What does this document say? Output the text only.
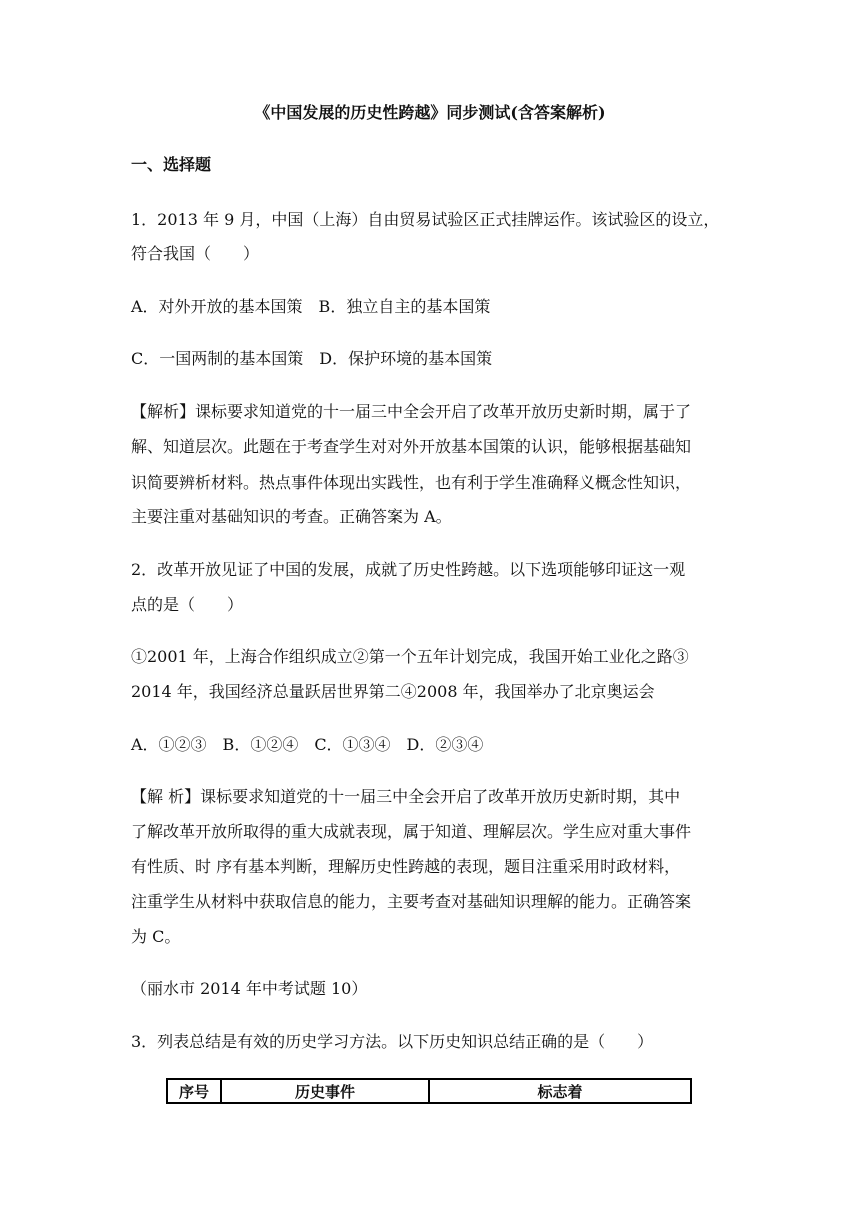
《中国发展的历史性跨越》同步测试(含答案解析)
一、选择题
1．2013 年 9 月，中国（上海）自由贸易试验区正式挂牌运作。该试验区的设立，
符合我国（　　）
A．对外开放的基本国策　B．独立自主的基本国策
C．一国两制的基本国策　D．保护环境的基本国策
【解析】课标要求知道党的十一届三中全会开启了改革开放历史新时期，属于了
解、知道层次。此题在于考查学生对对外开放基本国策的认识，能够根据基础知
识简要辨析材料。热点事件体现出实践性，也有利于学生准确释义概念性知识，
主要注重对基础知识的考查。正确答案为 A。
2．改革开放见证了中国的发展，成就了历史性跨越。以下选项能够印证这一观
点的是（　　）
①2001 年，上海合作组织成立②第一个五年计划完成，我国开始工业化之路③
2014 年，我国经济总量跃居世界第二④2008 年，我国举办了北京奥运会
A．①②③　B．①②④　C．①③④　D．②③④
【解 析】课标要求知道党的十一届三中全会开启了改革开放历史新时期，其中
了解改革开放所取得的重大成就表现，属于知道、理解层次。学生应对重大事件
有性质、时 序有基本判断，理解历史性跨越的表现，题目注重采用时政材料，
注重学生从材料中获取信息的能力，主要考查对基础知识理解的能力。正确答案
为 C。
（丽水市 2014 年中考试题 10）
3．列表总结是有效的历史学习方法。以下历史知识总结正确的是（　　）
序号	历史事件	标志着
